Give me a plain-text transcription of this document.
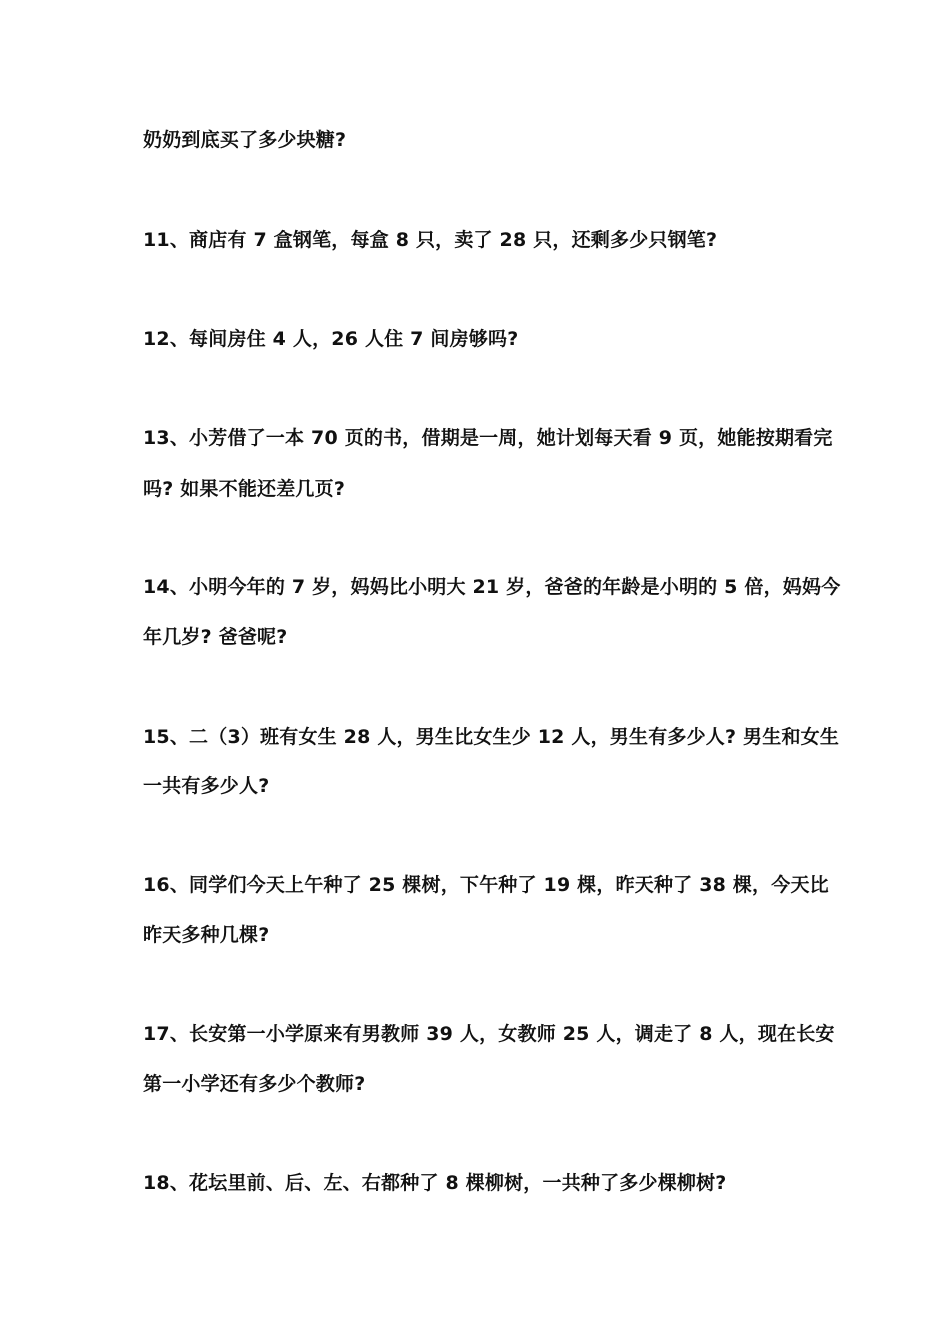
奶奶到底买了多少块糖?
11、商店有 7 盒钢笔，每盒 8 只，卖了 28 只，还剩多少只钢笔?
12、每间房住 4 人，26 人住 7 间房够吗?
13、小芳借了一本 70 页的书，借期是一周，她计划每天看 9 页，她能按期看完
吗? 如果不能还差几页?
14、小明今年的 7 岁，妈妈比小明大 21 岁，爸爸的年龄是小明的 5 倍，妈妈今
年几岁? 爸爸呢?
15、二（3）班有女生 28 人，男生比女生少 12 人，男生有多少人? 男生和女生
一共有多少人?
16、同学们今天上午种了 25 棵树，下午种了 19 棵，昨天种了 38 棵，今天比
昨天多种几棵?
17、长安第一小学原来有男教师 39 人，女教师 25 人，调走了 8 人，现在长安
第一小学还有多少个教师?
18、花坛里前、后、左、右都种了 8 棵柳树，一共种了多少棵柳树?
